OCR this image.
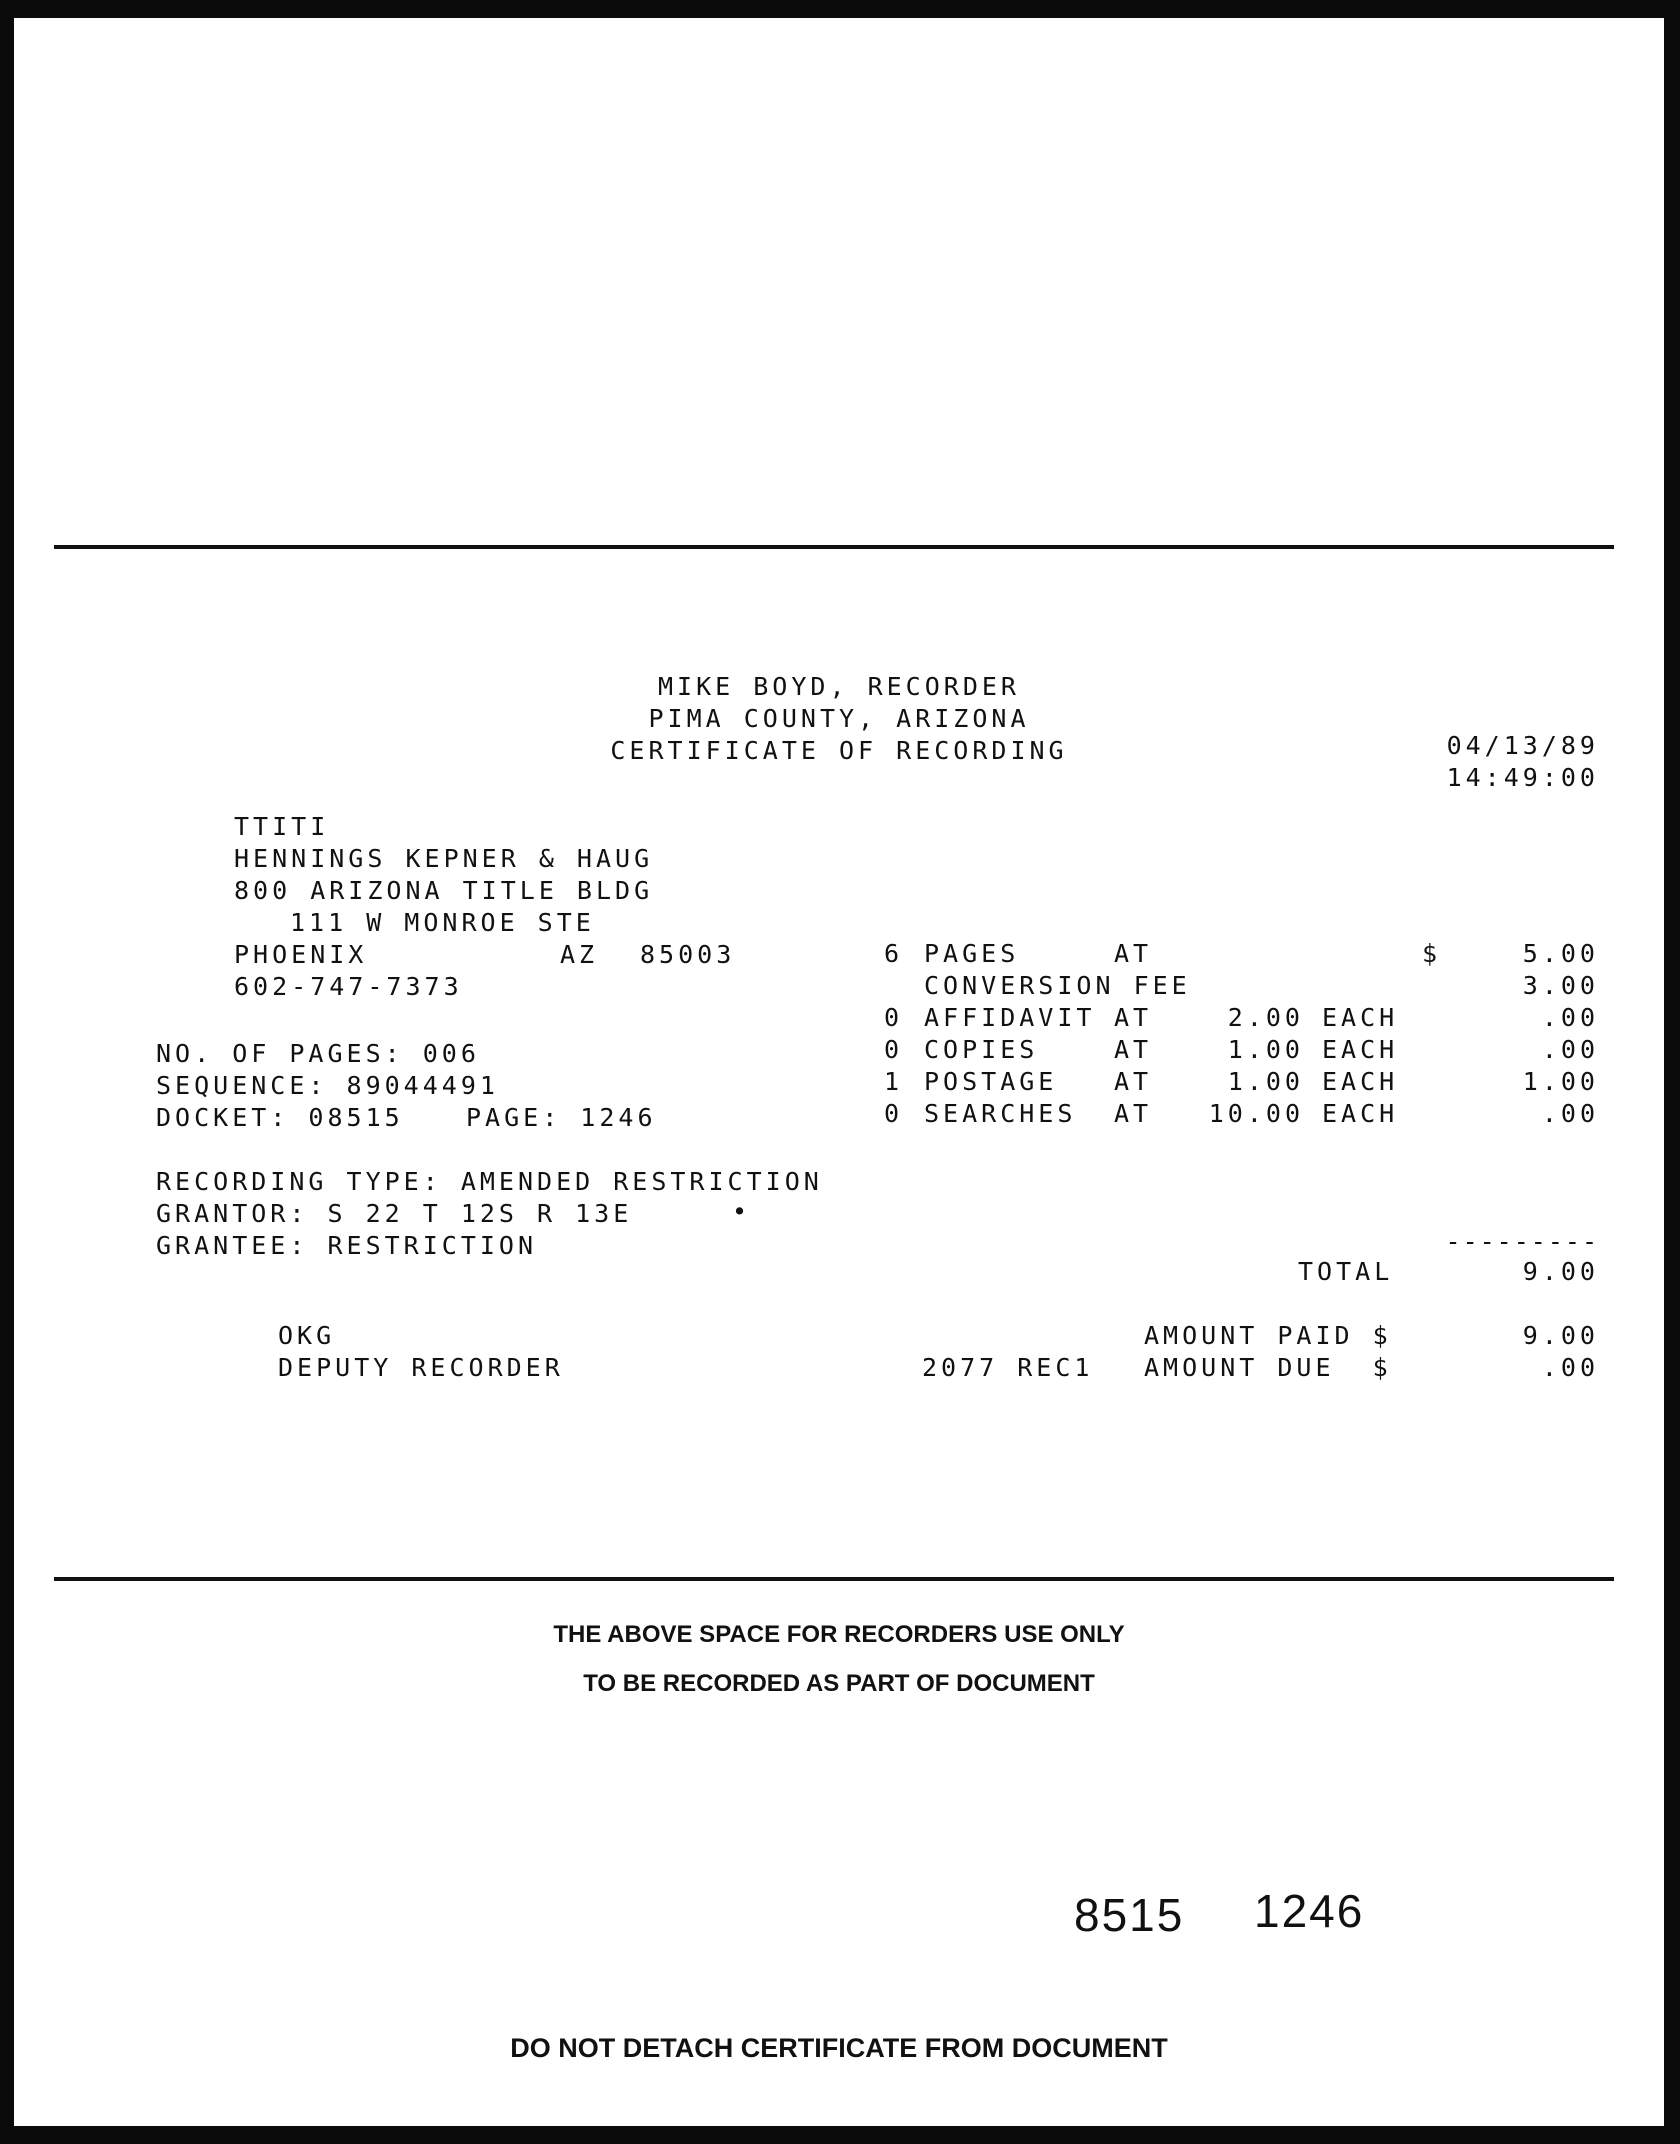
MIKE BOYD, RECORDER
PIMA COUNTY, ARIZONA
CERTIFICATE OF RECORDING	04/13/89
14:49:00
TTITI
HENNINGS KEPNER & HAUG
800 ARIZONA TITLE BLDG
111 W MONROE STE
PHOENIX	AZ 85003
602-747-7373
NO. OF PAGES: 006
SEQUENCE: 89044491
DOCKET: 08515 PAGE: 1246
RECORDING TYPE: AMENDED RESTRICTION
GRANTOR: S 22 T 12S R 13E	•
GRANTEE: RESTRICTION
6 PAGES	AT	$	5.00
CONVERSION FEE	3.00
0 AFFIDAVIT AT	2.00 EACH	.00
0 COPIES	AT	1.00 EACH	.00
1 POSTAGE AT	1.00 EACH	1.00
0 SEARCHES AT	10.00 EACH	.00
---------
TOTAL	9.00
OKG
DEPUTY RECORDER	2077 REC1
AMOUNT PAID $	9.00
AMOUNT DUE  $	.00
THE ABOVE SPACE FOR RECORDERS USE ONLY
TO BE RECORDED AS PART OF DOCUMENT
8515 1246
DO NOT DETACH CERTIFICATE FROM DOCUMENT
